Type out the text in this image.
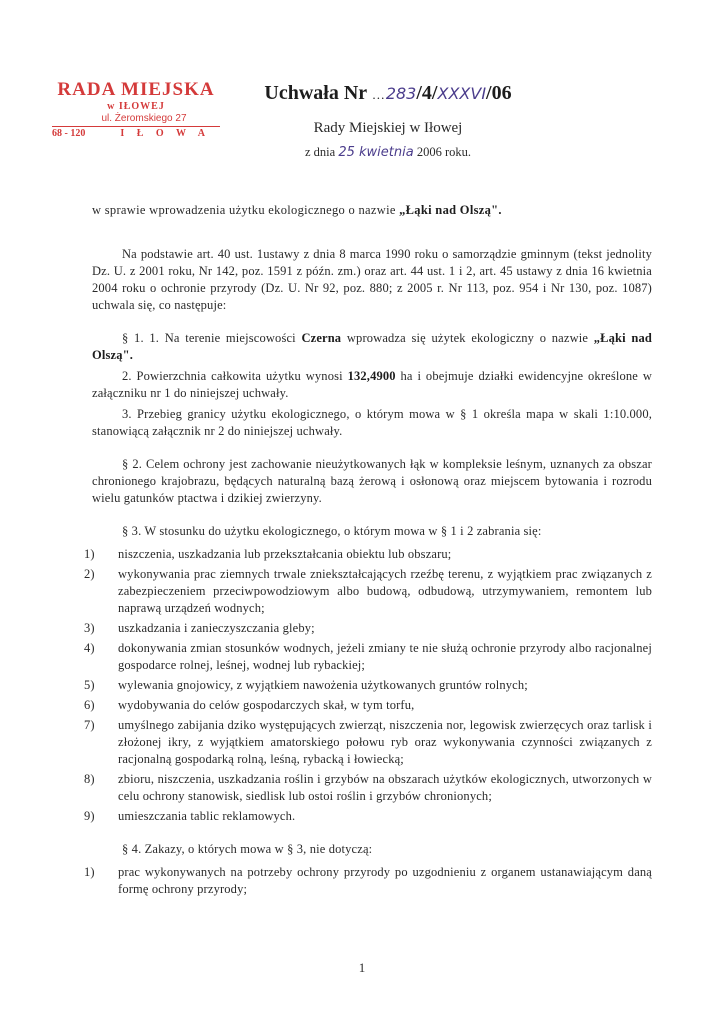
RADA MIEJSKA
w IŁOWEJ
ul. Żeromskiego 27
68 - 120	I Ł O W A
Uchwała Nr …283/4/XXXVI/06
Rady Miejskiej w Iłowej
z dnia 25 kwietnia 2006 roku.
w sprawie wprowadzenia użytku ekologicznego o nazwie „Łąki nad Olszą".

Na podstawie art. 40 ust. 1ustawy z dnia 8 marca 1990 roku o samorządzie gminnym (tekst jednolity Dz. U. z 2001 roku, Nr 142, poz. 1591 z późn. zm.) oraz art. 44 ust. 1 i 2, art. 45 ustawy z dnia 16 kwietnia 2004 roku o ochronie przyrody (Dz. U. Nr 92, poz. 880; z 2005 r. Nr 113, poz. 954 i Nr 130, poz. 1087) uchwala się, co następuje:

§ 1. 1. Na terenie miejscowości Czerna wprowadza się użytek ekologiczny o nazwie „Łąki nad Olszą".

2. Powierzchnia całkowita użytku wynosi 132,4900 ha i obejmuje działki ewidencyjne określone w załączniku nr 1 do niniejszej uchwały.

3. Przebieg granicy użytku ekologicznego, o którym mowa w § 1 określa mapa w skali 1:10.000, stanowiącą załącznik nr 2 do niniejszej uchwały.

§ 2. Celem ochrony jest zachowanie nieużytkowanych łąk w kompleksie leśnym, uznanych za obszar chronionego krajobrazu, będących naturalną bazą żerową i osłonową oraz miejscem bytowania i rozrodu wielu gatunków ptactwa i dzikiej zwierzyny.

§ 3. W stosunku do użytku ekologicznego, o którym mowa w § 1 i 2 zabrania się:

1)	niszczenia, uszkadzania lub przekształcania obiektu lub obszaru;
2)	wykonywania prac ziemnych trwale zniekształcających rzeźbę terenu, z wyjątkiem prac związanych z zabezpieczeniem przeciwpowodziowym albo budową, odbudową, utrzymywaniem, remontem lub naprawą urządzeń wodnych;
3)	uszkadzania i zanieczyszczania gleby;
4)	dokonywania zmian stosunków wodnych, jeżeli zmiany te nie służą ochronie przyrody albo racjonalnej gospodarce rolnej, leśnej, wodnej lub rybackiej;
5)	wylewania gnojowicy, z wyjątkiem nawożenia użytkowanych gruntów rolnych;
6)	wydobywania do celów gospodarczych skał, w tym torfu,
7)	umyślnego zabijania dziko występujących zwierząt, niszczenia nor, legowisk zwierzęcych oraz tarlisk i złożonej ikry, z wyjątkiem amatorskiego połowu ryb oraz wykonywania czynności związanych z racjonalną gospodarką rolną, leśną, rybacką i łowiecką;
8)	zbioru, niszczenia, uszkadzania roślin i grzybów na obszarach użytków ekologicznych, utworzonych w celu ochrony stanowisk, siedlisk lub ostoi roślin i grzybów chronionych;
9)	umieszczania tablic reklamowych.

§ 4. Zakazy, o których mowa w § 3, nie dotyczą:

1)	prac wykonywanych na potrzeby ochrony przyrody po uzgodnieniu z organem ustanawiającym daną formę ochrony przyrody;
1
